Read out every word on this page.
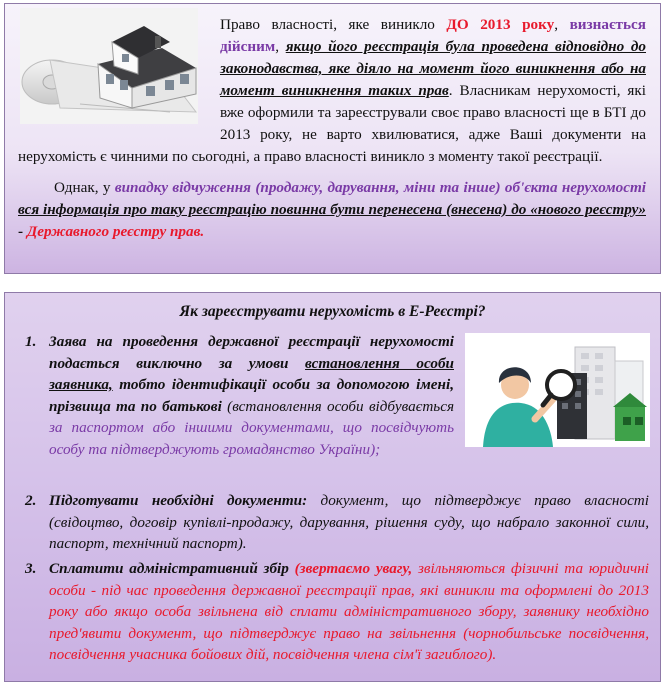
Право власності, яке виникло ДО 2013 року, визнається дійсним, якщо його реєстрація була проведена відповідно до законодавства, яке діяло на момент його виникнення або на момент виникнення таких прав. Власникам нерухомості, які вже оформили та зареєстрували своє право власності ще в БТІ до 2013 року, не варто хвилюватися, адже Ваші документи на нерухомість є чинними по сьогодні, а право власності виникло з моменту такої реєстрації.

Однак, у випадку відчуження (продажу, дарування, міни та інше) об'єкта нерухомості вся інформація про таку реєстрацію повинна бути перенесена (внесена) до «нового реєстру» - Державного реєстру прав.

Як зареєструвати нерухомість в Е-Реєстрі?
1. Заява на проведення державної реєстрації нерухомості подається виключно за умови встановлення особи заявника, тобто ідентифікації особи за допомогою імені, прізвища та по батькові (встановлення особи відбувається за паспортом або іншими документами, що посвідчують особу та підтверджують громадянство України);
2. Підготувати необхідні документи: документ, що підтверджує право власності (свідоцтво, договір купівлі-продажу, дарування, рішення суду, що набрало законної сили, паспорт, технічний паспорт).
3. Сплатити адміністративний збір (звертаємо увагу, звільняються фізичні та юридичні особи - під час проведення державної реєстрації прав, які виникли та оформлені до 2013 року або якщо особа звільнена від сплати адміністративного збору, заявнику необхідно пред'явити документ, що підтверджує право на звільнення (чорнобильське посвідчення, посвідчення учасника бойових дій, посвідчення члена сім'ї загиблого).
